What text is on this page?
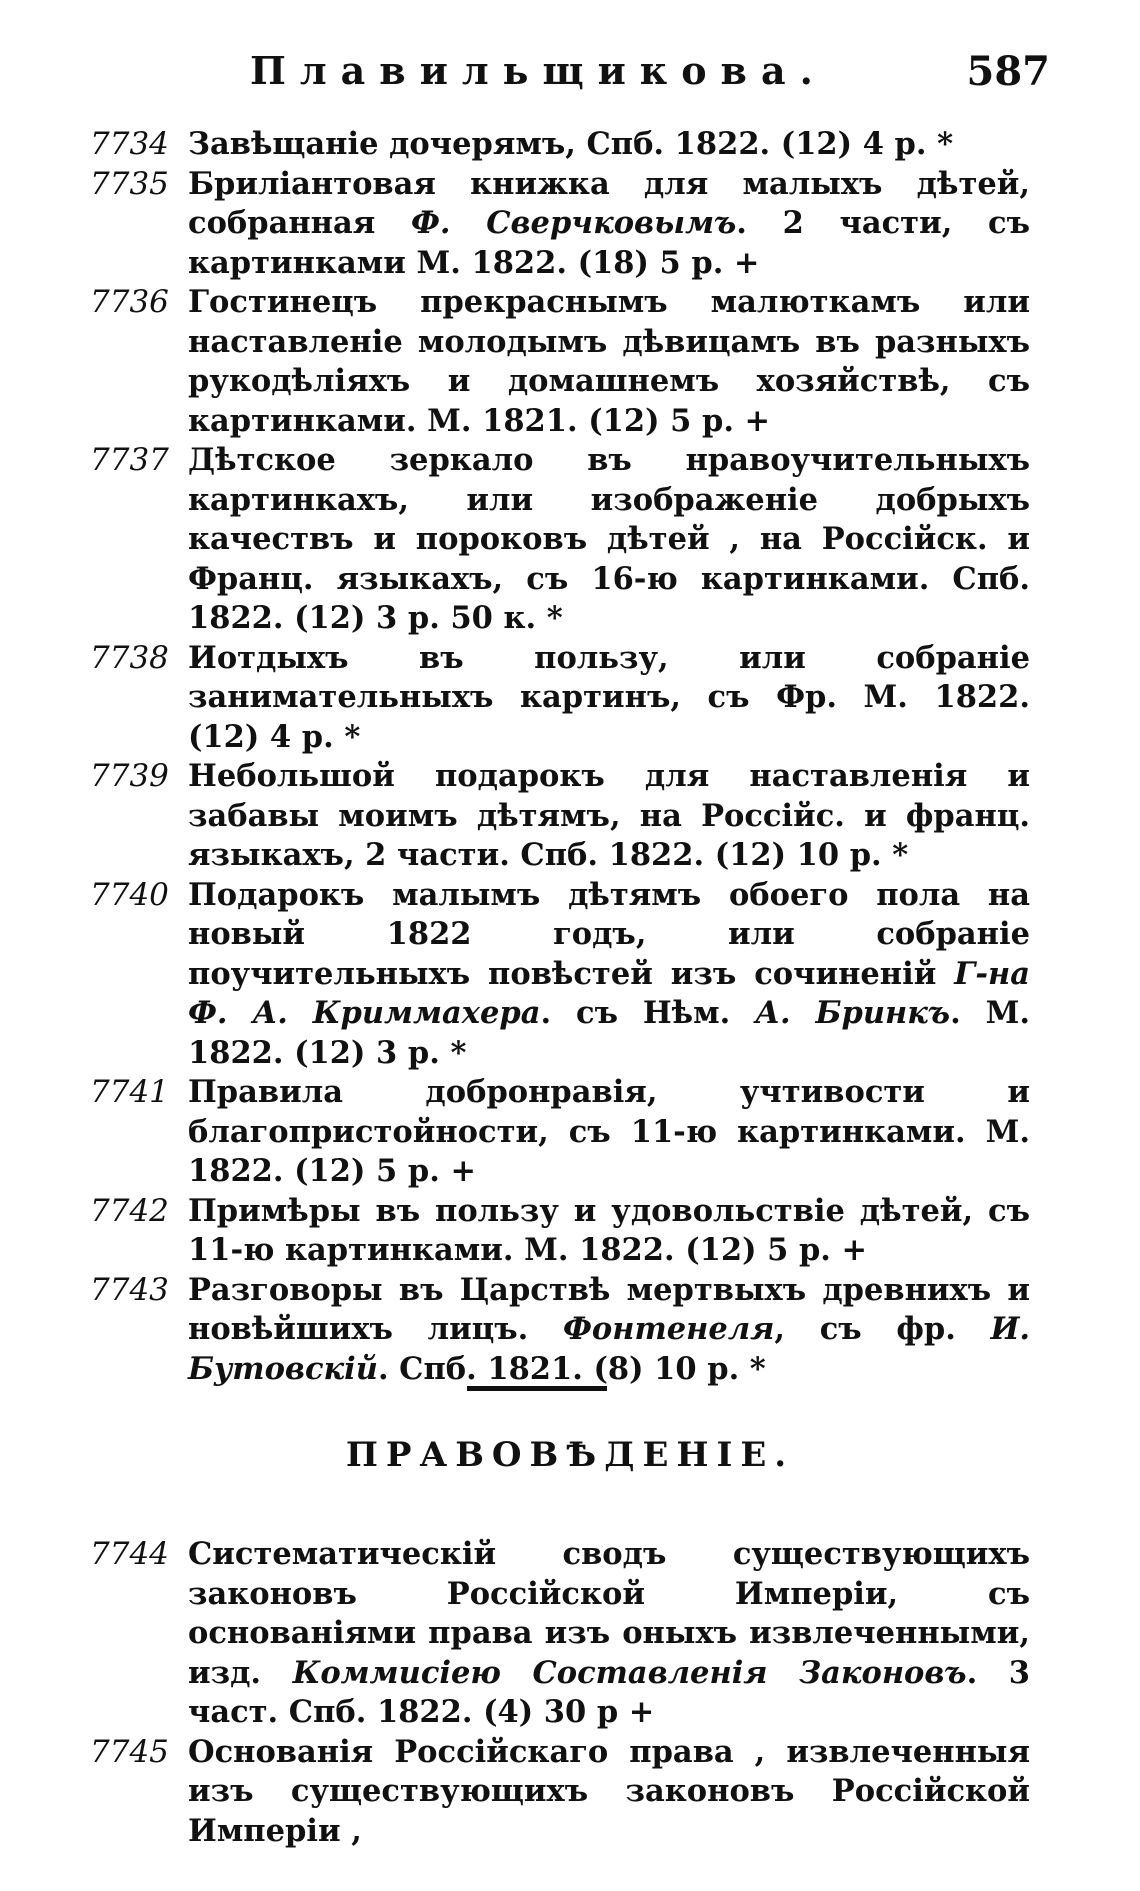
Плавильщикова.	587
7734 Завѣщаніе дочерямъ, Спб. 1822. (12) 4 р. *
7735 Бриліантовая книжка для малыхъ дѣтей, собранная Ф. Сверчковымъ. 2 части, съ картинками М. 1822. (18) 5 р. +
7736 Гостинецъ прекраснымъ малюткамъ или наставленіе молодымъ дѣвицамъ въ разныхъ рукодѣліяхъ и домашнемъ хозяйствѣ, съ картинками. М. 1821. (12) 5 р. +
7737 Дѣтское зеркало въ нравоучительныхъ картинкахъ, или изображеніе добрыхъ качествъ и пороковъ дѣтей , на Россійск. и Франц. языкахъ, съ 16-ю картинками. Спб. 1822. (12) 3 р. 50 к. *
7738 Иотдыхъ въ пользу, или собраніе занимательныхъ картинъ, съ Фр. М. 1822. (12) 4 р. *
7739 Небольшой подарокъ для наставленія и забавы моимъ дѣтямъ, на Россійс. и франц. языкахъ, 2 части. Спб. 1822. (12) 10 р. *
7740 Подарокъ малымъ дѣтямъ обоего пола на новый 1822 годъ, или собраніе поучительныхъ повѣстей изъ сочиненій Г-на Ф. А. Криммахера. съ Нѣм. А. Бринкъ. М. 1822. (12) 3 р. *
7741 Правила добронравія, учтивости и благопристойности, съ 11-ю картинками. М. 1822. (12) 5 р. +
7742 Примѣры въ пользу и удовольствіе дѣтей, съ 11-ю картинками. М. 1822. (12) 5 р. +
7743 Разговоры въ Царствѣ мертвыхъ древнихъ и новѣйшихъ лицъ. Фонтенеля, съ фр. И. Бутовскій. Спб. 1821. (8) 10 р. *
ПРАВОВѢДЕНІЕ.
7744 Систематическій сводъ существующихъ законовъ Россійской Имперіи, съ основаніями права изъ оныхъ извлеченными, изд. Коммисіею Составленія Законовъ. 3 част. Спб. 1822. (4) 30 р +
7745 Основанія Россійскаго права , извлеченныя изъ существующихъ законовъ Россійской Имперіи ,
